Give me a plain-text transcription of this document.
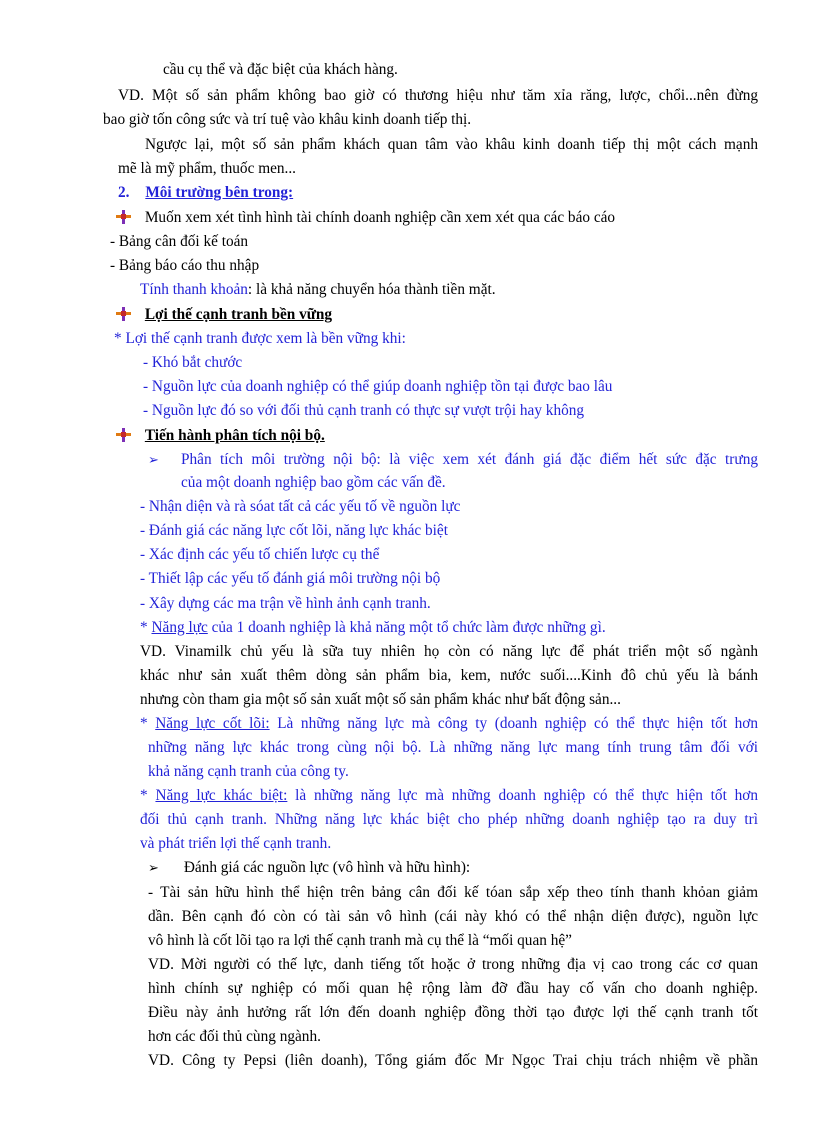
cầu cụ thể và đặc biệt của khách hàng.
VD. Một số sản phẩm không bao giờ có thương hiệu như tăm xỉa răng, lược, chổi...nên đừng
bao giờ tốn công sức và trí tuệ vào khâu kinh doanh tiếp thị.
Ngược lại, một số sản phẩm khách quan tâm vào khâu kinh doanh tiếp thị một cách mạnh
mẽ là mỹ phẩm, thuốc men...
2. Môi trường bên trong:
Muốn xem xét tình hình tài chính doanh nghiệp cần xem xét qua các báo cáo
- Bảng cân đối kế toán
- Bảng báo cáo thu nhập
Tính thanh khoản: là khả năng chuyển hóa thành tiền mặt.
Lợi thế cạnh tranh bền vững
* Lợi thế cạnh tranh được xem là bền vững khi:
- Khó bắt chước
- Nguồn lực của doanh nghiệp có thể giúp doanh nghiệp tồn tại được bao lâu
- Nguồn lực đó so với đối thủ cạnh tranh có thực sự vượt trội hay không
Tiến hành phân tích nội bộ.
➢ Phân tích môi trường nội bộ: là việc xem xét đánh giá đặc điểm hết sức đặc trưng
của một doanh nghiệp bao gồm các vấn đề.
- Nhận diện và rà sóat tất cả các yếu tố về nguồn lực
- Đánh giá các năng lực cốt lõi, năng lực khác biệt
- Xác định các yếu tố chiến lược cụ thể
- Thiết lập các yếu tố đánh giá môi trường nội bộ
- Xây dựng các ma trận về hình ảnh cạnh tranh.
* Năng lực của 1 doanh nghiệp là khả năng một tổ chức làm được những gì.
VD. Vinamilk chủ yếu là sữa tuy nhiên họ còn có năng lực để phát triển một số ngành
khác như sản xuất thêm dòng sản phẩm bia, kem, nước suối....Kinh đô chủ yếu là bánh
nhưng còn tham gia một số sản xuất một số sản phẩm khác như bất động sản...
* Năng lực cốt lõi: Là những năng lực mà công ty (doanh nghiệp có thể thực hiện tốt hơn
những năng lực khác trong cùng nội bộ. Là những năng lực mang tính trung tâm đối với
khả năng cạnh tranh của công ty.
* Năng lực khác biệt: là những năng lực mà những doanh nghiệp có thể thực hiện tốt hơn
đối thủ cạnh tranh. Những năng lực khác biệt cho phép những doanh nghiệp tạo ra duy trì
và phát triển lợi thế cạnh tranh.
➢ Đánh giá các nguồn lực (vô hình và hữu hình):
- Tài sản hữu hình thể hiện trên bảng cân đối kế tóan sắp xếp theo tính thanh khỏan giảm
dần. Bên cạnh đó còn có tài sản vô hình (cái này khó có thể nhận diện được), nguồn lực
vô hình là cốt lõi tạo ra lợi thế cạnh tranh mà cụ thể là “mối quan hệ”
VD. Mời người có thế lực, danh tiếng tốt hoặc ở trong những địa vị cao trong các cơ quan
hình chính sự nghiệp có mối quan hệ rộng làm đỡ đầu hay cố vấn cho doanh nghiệp.
Điều này ảnh hưởng rất lớn đến doanh nghiệp đồng thời tạo được lợi thế cạnh tranh tốt
hơn các đối thủ cùng ngành.
VD. Công ty Pepsi (liên doanh), Tổng giám đốc Mr Ngọc Trai chịu trách nhiệm về phần
